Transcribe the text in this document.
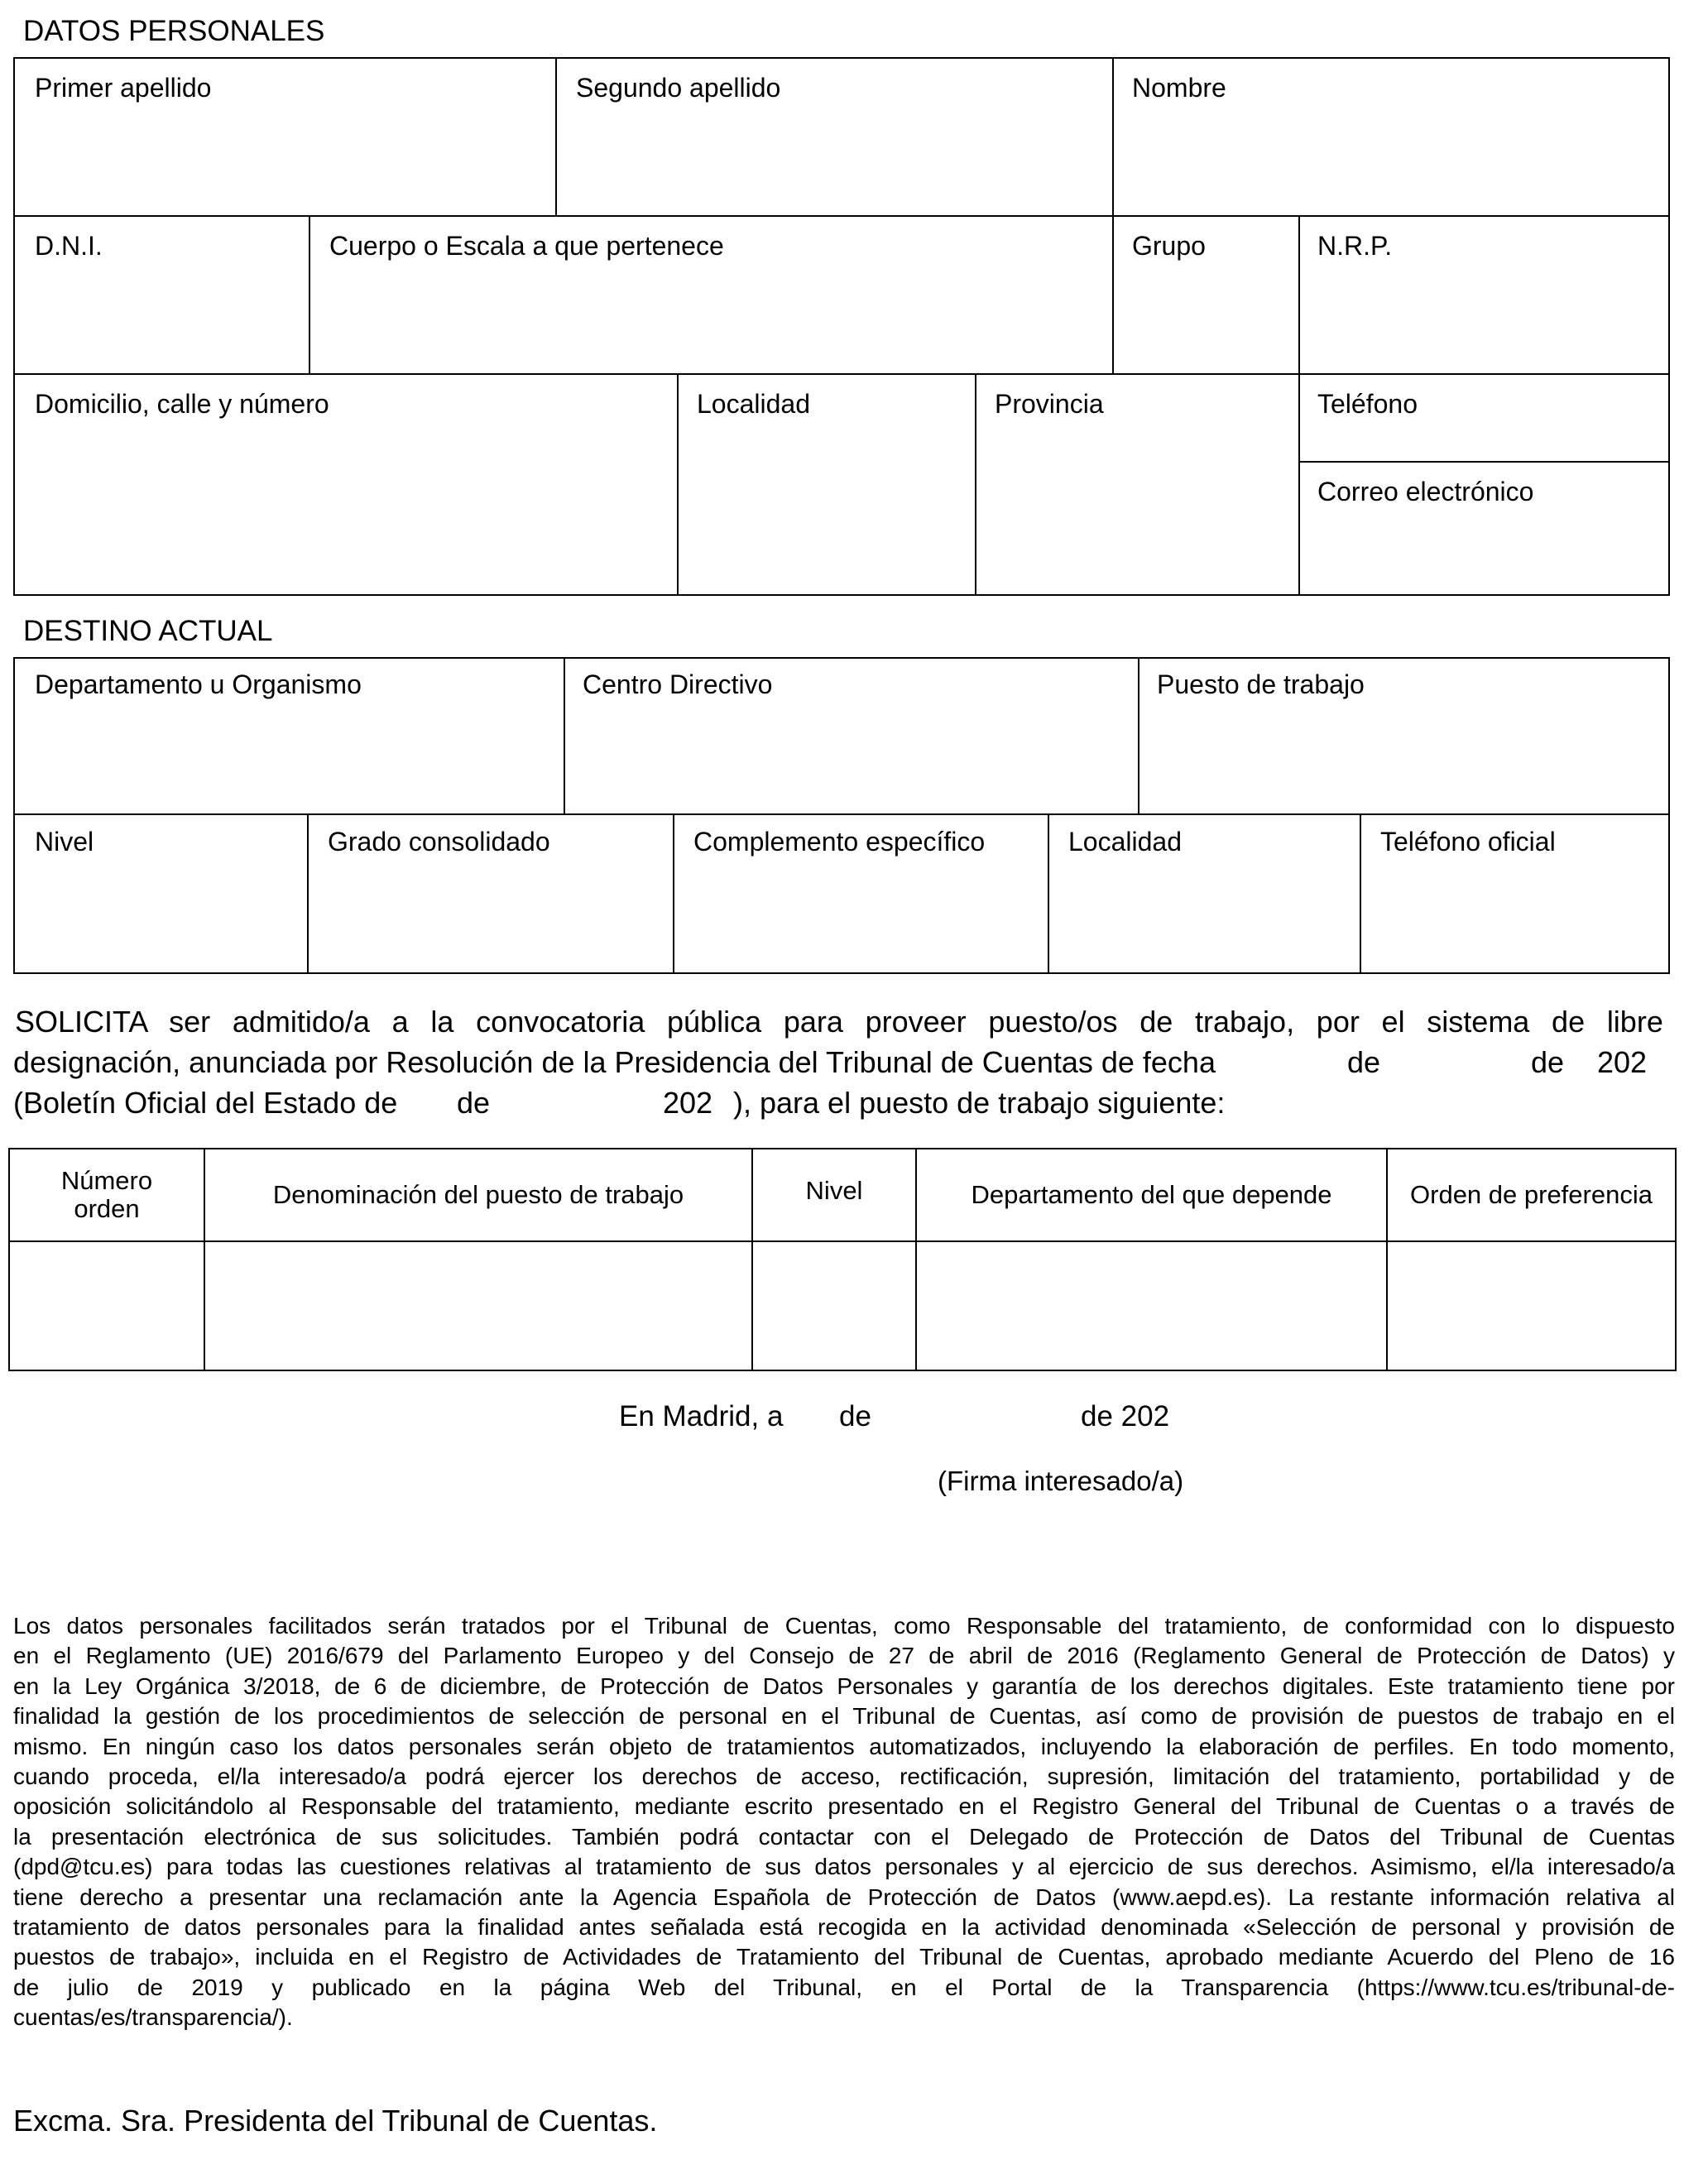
DATOS PERSONALES
Primer apellido	Segundo apellido	Nombre
D.N.I.	Cuerpo o Escala a que pertenece	Grupo	N.R.P.
Domicilio, calle y número	Localidad	Provincia	Teléfono
Correo electrónico
DESTINO ACTUAL
Departamento u Organismo	Centro Directivo	Puesto de trabajo
Nivel	Grado consolidado	Complemento específico	Localidad	Teléfono oficial
SOLICITA ser admitido/a a la convocatoria pública para proveer puesto/os de trabajo, por el sistema de libre
designación, anunciada por Resolución de la Presidencia del Tribunal de Cuentas de fecha	de	de 202
(Boletín Oficial del Estado de de	202 ), para el puesto de trabajo siguiente:
Número orden	Denominación del puesto de trabajo	Nivel	Departamento del que depende	Orden de preferencia
En Madrid, a de	de 202
(Firma interesado/a)
Los datos personales facilitados serán tratados por el Tribunal de Cuentas, como Responsable del tratamiento, de conformidad con lo dispuesto
en el Reglamento (UE) 2016/679 del Parlamento Europeo y del Consejo de 27 de abril de 2016 (Reglamento General de Protección de Datos) y
en la Ley Orgánica 3/2018, de 6 de diciembre, de Protección de Datos Personales y garantía de los derechos digitales. Este tratamiento tiene por
finalidad la gestión de los procedimientos de selección de personal en el Tribunal de Cuentas, así como de provisión de puestos de trabajo en el
mismo. En ningún caso los datos personales serán objeto de tratamientos automatizados, incluyendo la elaboración de perfiles. En todo momento,
cuando proceda, el/la interesado/a podrá ejercer los derechos de acceso, rectificación, supresión, limitación del tratamiento, portabilidad y de
oposición solicitándolo al Responsable del tratamiento, mediante escrito presentado en el Registro General del Tribunal de Cuentas o a través de
la presentación electrónica de sus solicitudes. También podrá contactar con el Delegado de Protección de Datos del Tribunal de Cuentas
(dpd@tcu.es) para todas las cuestiones relativas al tratamiento de sus datos personales y al ejercicio de sus derechos. Asimismo, el/la interesado/a
tiene derecho a presentar una reclamación ante la Agencia Española de Protección de Datos (www.aepd.es). La restante información relativa al
tratamiento de datos personales para la finalidad antes señalada está recogida en la actividad denominada «Selección de personal y provisión de
puestos de trabajo», incluida en el Registro de Actividades de Tratamiento del Tribunal de Cuentas, aprobado mediante Acuerdo del Pleno de 16
de julio de 2019 y publicado en la página Web del Tribunal, en el Portal de la Transparencia (https://www.tcu.es/tribunal-de-
cuentas/es/transparencia/).
Excma. Sra. Presidenta del Tribunal de Cuentas.
